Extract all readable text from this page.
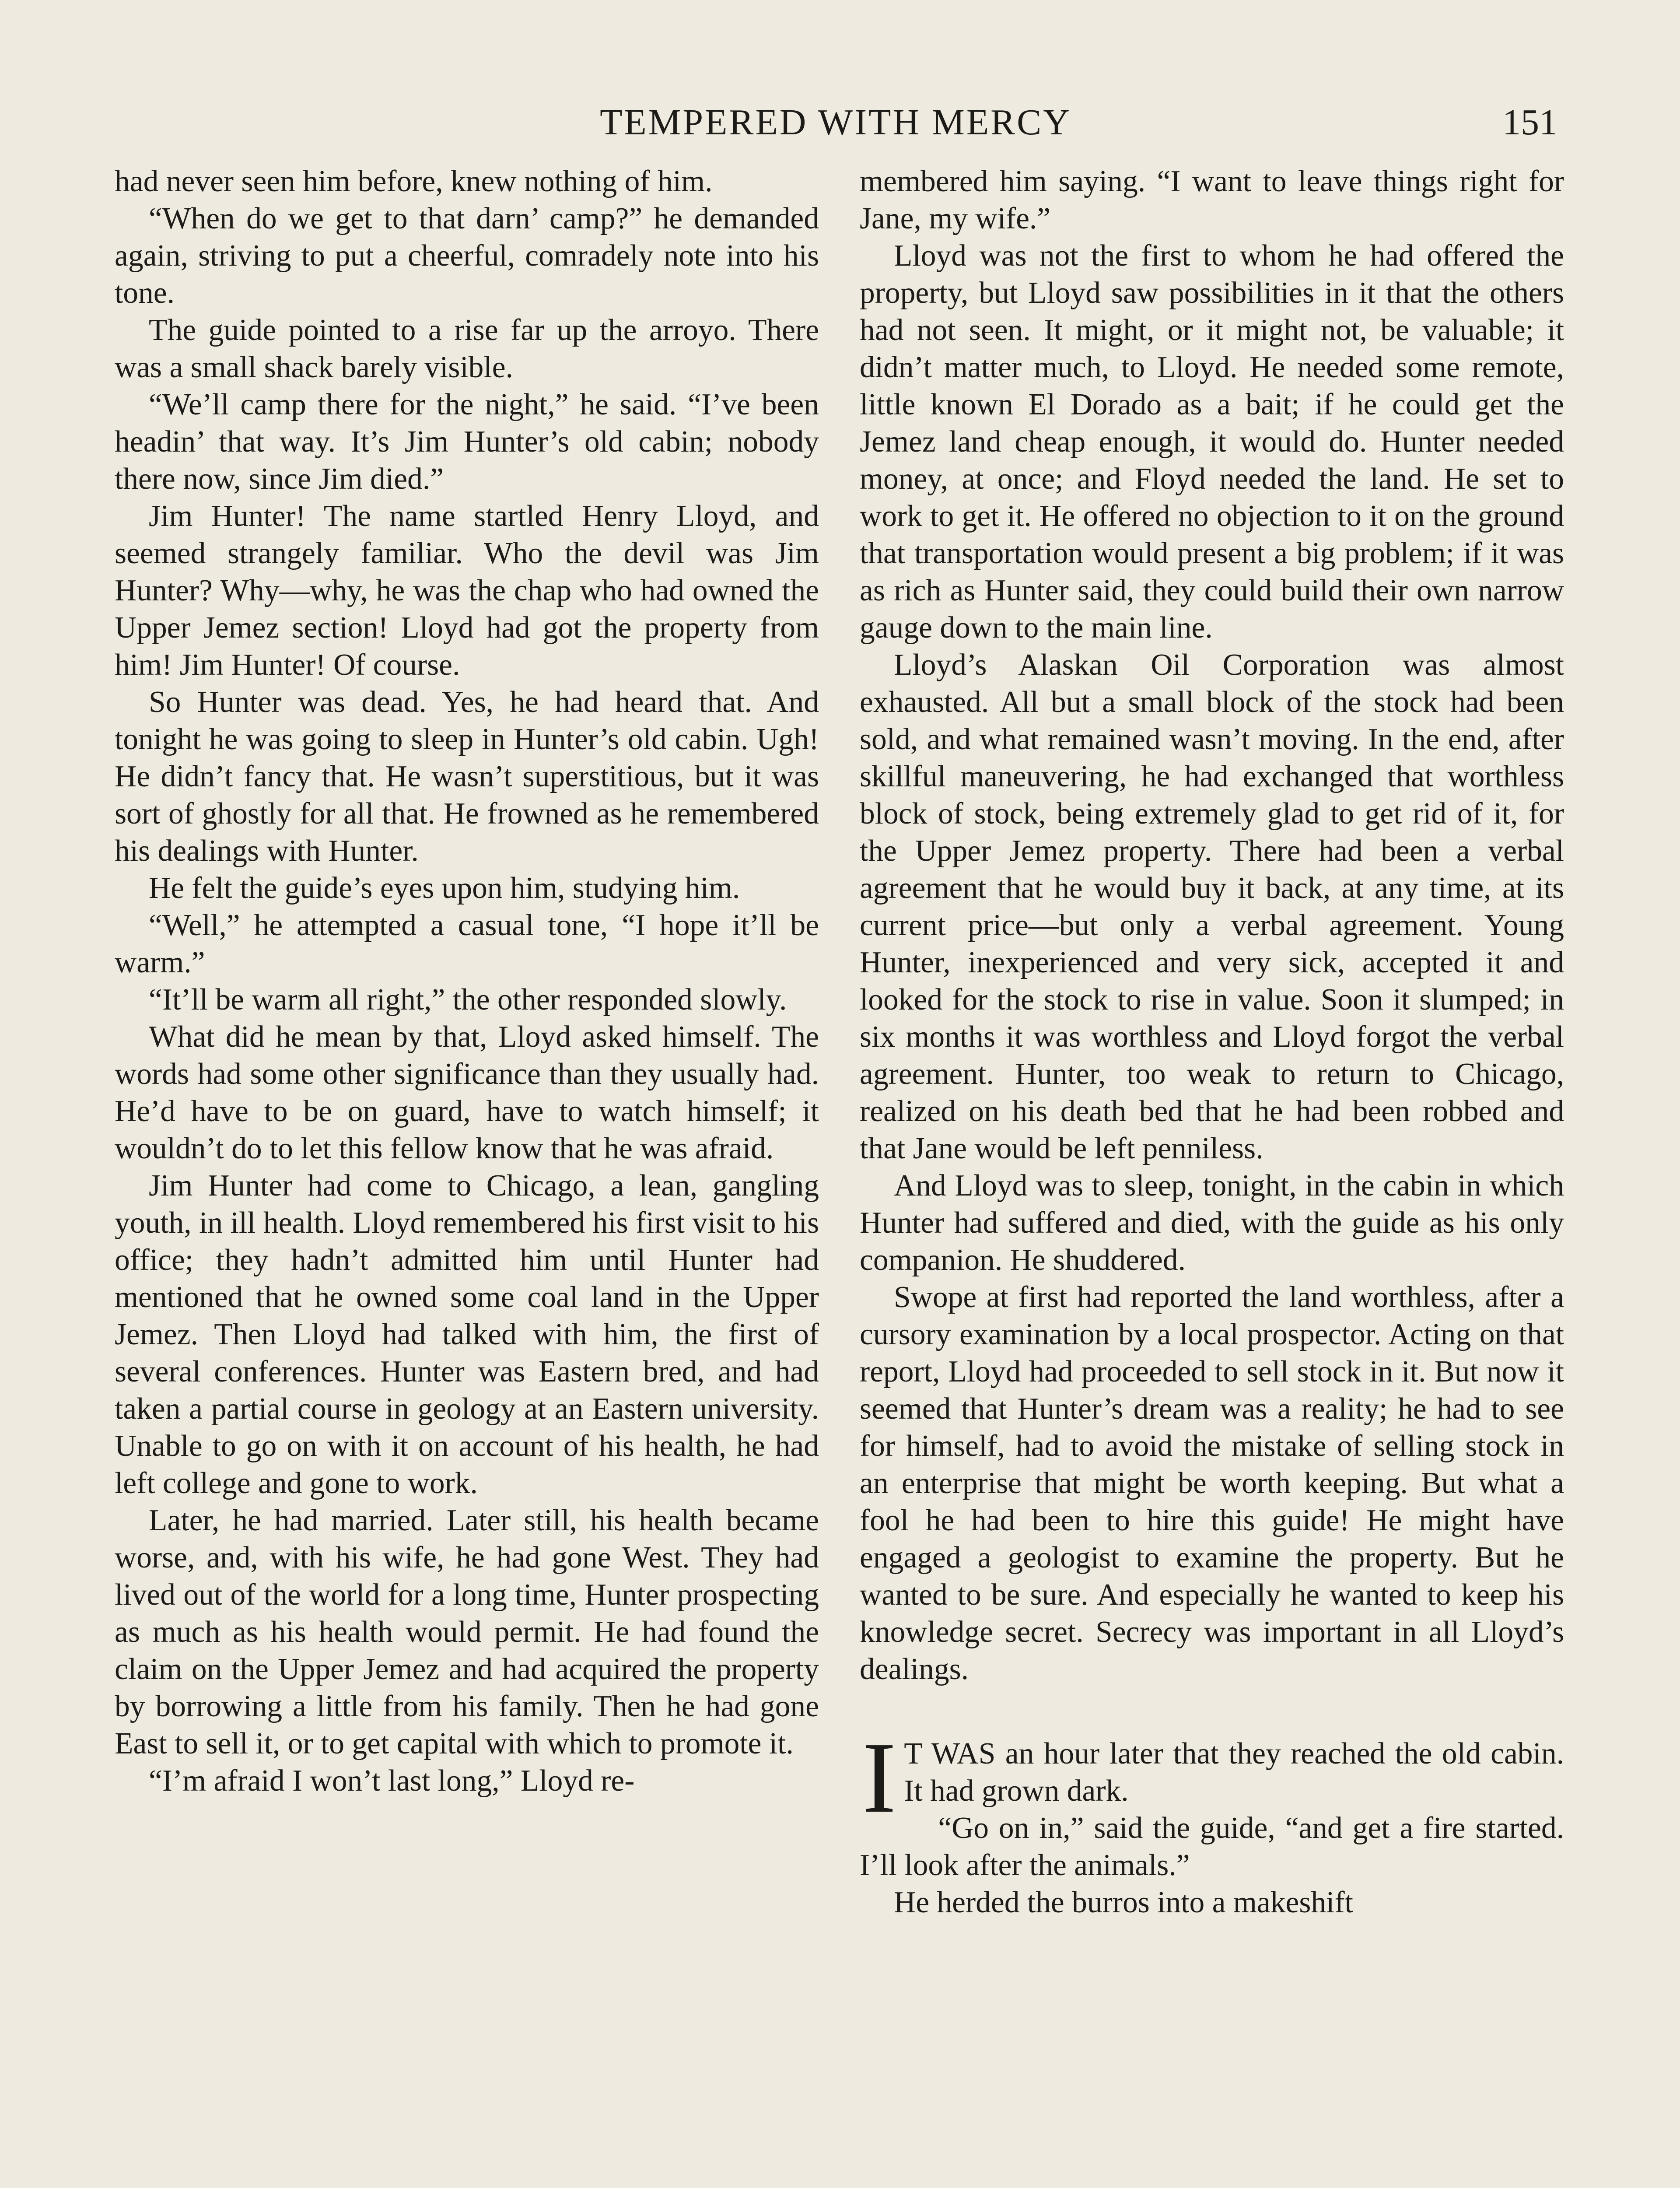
TEMPERED WITH MERCY	151

had never seen him before, knew nothing of him.

“When do we get to that darn’ camp?” he demanded again, striving to put a cheerful, comradely note into his tone.

The guide pointed to a rise far up the arroyo. There was a small shack barely visible.

“We’ll camp there for the night,” he said. “I’ve been headin’ that way. It’s Jim Hunter’s old cabin; nobody there now, since Jim died.”

Jim Hunter! The name startled Henry Lloyd, and seemed strangely familiar. Who the devil was Jim Hunter? Why—why, he was the chap who had owned the Upper Jemez section! Lloyd had got the property from him! Jim Hunter! Of course.

So Hunter was dead. Yes, he had heard that. And tonight he was going to sleep in Hunter’s old cabin. Ugh! He didn’t fancy that. He wasn’t superstitious, but it was sort of ghostly for all that. He frowned as he remembered his dealings with Hunter.

He felt the guide’s eyes upon him, studying him.

“Well,” he attempted a casual tone, “I hope it’ll be warm.”

“It’ll be warm all right,” the other responded slowly.

What did he mean by that, Lloyd asked himself. The words had some other significance than they usually had. He’d have to be on guard, have to watch himself; it wouldn’t do to let this fellow know that he was afraid.

Jim Hunter had come to Chicago, a lean, gangling youth, in ill health. Lloyd remembered his first visit to his office; they hadn’t admitted him until Hunter had mentioned that he owned some coal land in the Upper Jemez. Then Lloyd had talked with him, the first of several conferences. Hunter was Eastern bred, and had taken a partial course in geology at an Eastern university. Unable to go on with it on account of his health, he had left college and gone to work.

Later, he had married. Later still, his health became worse, and, with his wife, he had gone West. They had lived out of the world for a long time, Hunter prospecting as much as his health would permit. He had found the claim on the Upper Jemez and had acquired the property by borrowing a little from his family. Then he had gone East to sell it, or to get capital with which to promote it.

“I’m afraid I won’t last long,” Lloyd re-

membered him saying. “I want to leave things right for Jane, my wife.”

Lloyd was not the first to whom he had offered the property, but Lloyd saw possibilities in it that the others had not seen. It might, or it might not, be valuable; it didn’t matter much, to Lloyd. He needed some remote, little known El Dorado as a bait; if he could get the Jemez land cheap enough, it would do. Hunter needed money, at once; and Floyd needed the land. He set to work to get it. He offered no objection to it on the ground that transportation would present a big problem; if it was as rich as Hunter said, they could build their own narrow gauge down to the main line.

Lloyd’s Alaskan Oil Corporation was almost exhausted. All but a small block of the stock had been sold, and what remained wasn’t moving. In the end, after skillful maneuvering, he had exchanged that worthless block of stock, being extremely glad to get rid of it, for the Upper Jemez property. There had been a verbal agreement that he would buy it back, at any time, at its current price—but only a verbal agreement. Young Hunter, inexperienced and very sick, accepted it and looked for the stock to rise in value. Soon it slumped; in six months it was worthless and Lloyd forgot the verbal agreement. Hunter, too weak to return to Chicago, realized on his death bed that he had been robbed and that Jane would be left penniless.

And Lloyd was to sleep, tonight, in the cabin in which Hunter had suffered and died, with the guide as his only companion. He shuddered.

Swope at first had reported the land worthless, after a cursory examination by a local prospector. Acting on that report, Lloyd had proceeded to sell stock in it. But now it seemed that Hunter’s dream was a reality; he had to see for himself, had to avoid the mistake of selling stock in an enterprise that might be worth keeping. But what a fool he had been to hire this guide! He might have engaged a geologist to examine the property. But he wanted to be sure. And especially he wanted to keep his knowledge secret. Secrecy was important in all Lloyd’s dealings.

I T WAS an hour later that they reached the old cabin. It had grown dark.

“Go on in,” said the guide, “and get a fire started. I’ll look after the animals.”

He herded the burros into a makeshift
